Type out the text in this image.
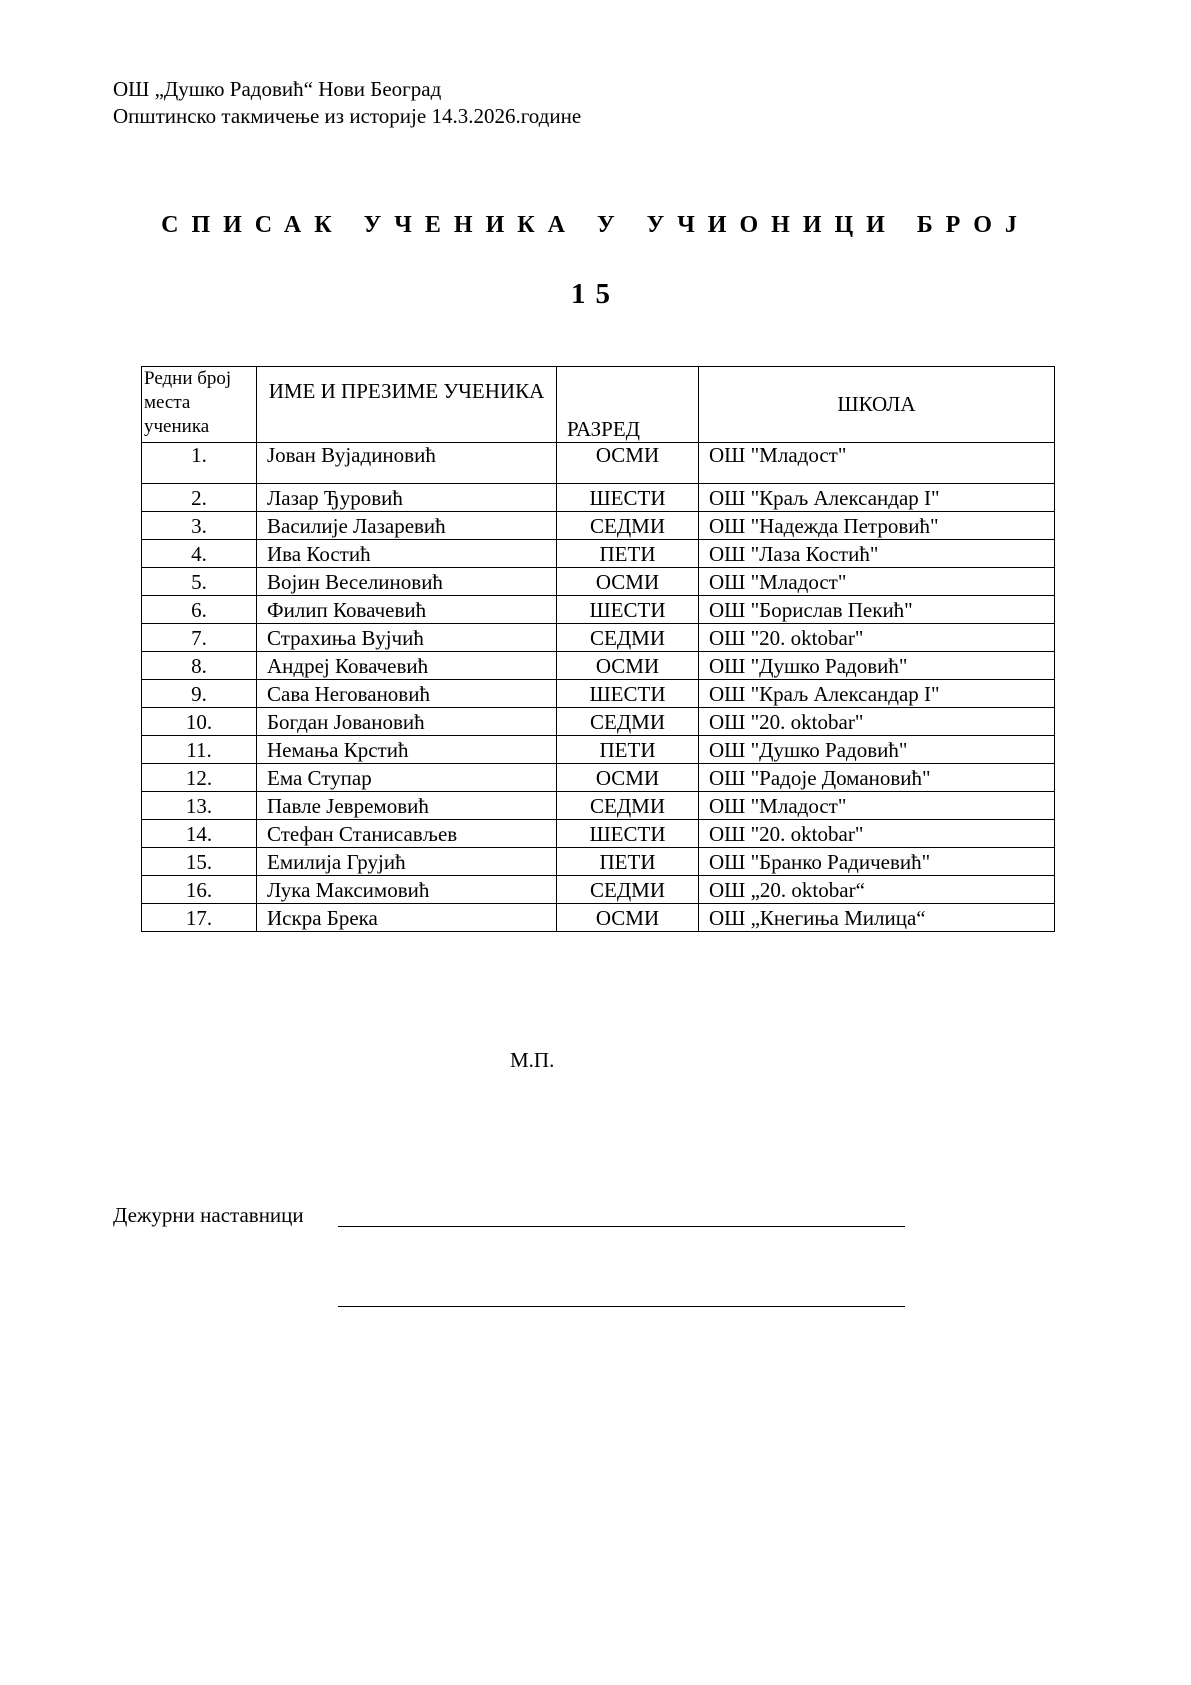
ОШ „Душко Радовић“ Нови Београд
Општинско такмичење из историје 14.3.2026.године
СПИСАК УЧЕНИКА У УЧИОНИЦИ БРОЈ
15
Редни број места ученика	ИМЕ И ПРЕЗИМЕ УЧЕНИКА	РАЗРЕД	ШКОЛА
1.	Јован Вујадиновић	ОСМИ	ОШ "Младост"
2.	Лазар Ђуровић	ШЕСТИ	ОШ "Краљ Александар I"
3.	Василије Лазаревић	СЕДМИ	ОШ "Надежда Петровић"
4.	Ива Костић	ПЕТИ	ОШ "Лаза Костић"
5.	Војин Веселиновић	ОСМИ	ОШ "Младост"
6.	Филип Ковачевић	ШЕСТИ	ОШ "Борислав Пекић"
7.	Страхиња Вујчић	СЕДМИ	ОШ "20. oktobar"
8.	Андреј Ковачевић	ОСМИ	ОШ "Душко Радовић"
9.	Сава Неговановић	ШЕСТИ	ОШ "Краљ Александар I"
10.	Богдан Јовановић	СЕДМИ	ОШ "20. oktobar"
11.	Немања Крстић	ПЕТИ	ОШ "Душко Радовић"
12.	Ема Ступар	ОСМИ	ОШ "Радоје Домановић"
13.	Павле Јевремовић	СЕДМИ	ОШ "Младост"
14.	Стефан Станисављев	ШЕСТИ	ОШ "20. oktobar"
15.	Емилија Грујић	ПЕТИ	ОШ "Бранко Радичевић"
16.	Лука Максимовић	СЕДМИ	ОШ „20. oktobar“
17.	Искра Брека	ОСМИ	ОШ „Кнегиња Милица“
М.П.
Дежурни наставници
